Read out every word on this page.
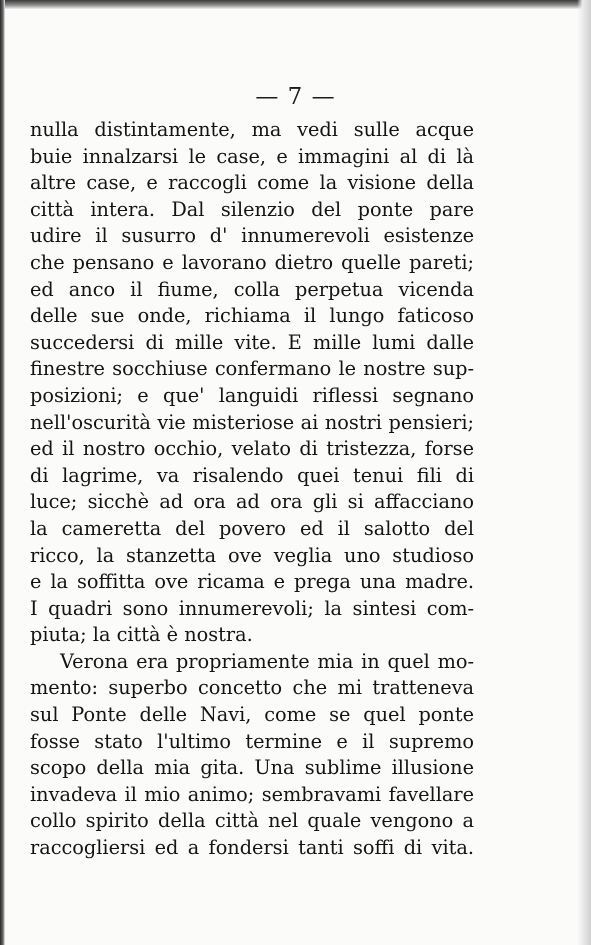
— 7 —
nulla distintamente, ma vedi sulle acque
buie innalzarsi le case, e immagini al di là
altre case, e raccogli come la visione della
città intera. Dal silenzio del ponte pare
udire il susurro d' innumerevoli esistenze
che pensano e lavorano dietro quelle pareti;
ed anco il fiume, colla perpetua vicenda
delle sue onde, richiama il lungo faticoso
succedersi di mille vite. E mille lumi dalle
finestre socchiuse confermano le nostre sup-
posizioni; e que' languidi riflessi segnano
nell'oscurità vie misteriose ai nostri pensieri;
ed il nostro occhio, velato di tristezza, forse
di lagrime, va risalendo quei tenui fili di
luce; sicchè ad ora ad ora gli si affacciano
la cameretta del povero ed il salotto del
ricco, la stanzetta ove veglia uno studioso
e la soffitta ove ricama e prega una madre.
I quadri sono innumerevoli; la sintesi com-
piuta; la città è nostra.
Verona era propriamente mia in quel mo-
mento: superbo concetto che mi tratteneva
sul Ponte delle Navi, come se quel ponte
fosse stato l'ultimo termine e il supremo
scopo della mia gita. Una sublime illusione
invadeva il mio animo; sembravami favellare
collo spirito della città nel quale vengono a
raccogliersi ed a fondersi tanti soffi di vita.
